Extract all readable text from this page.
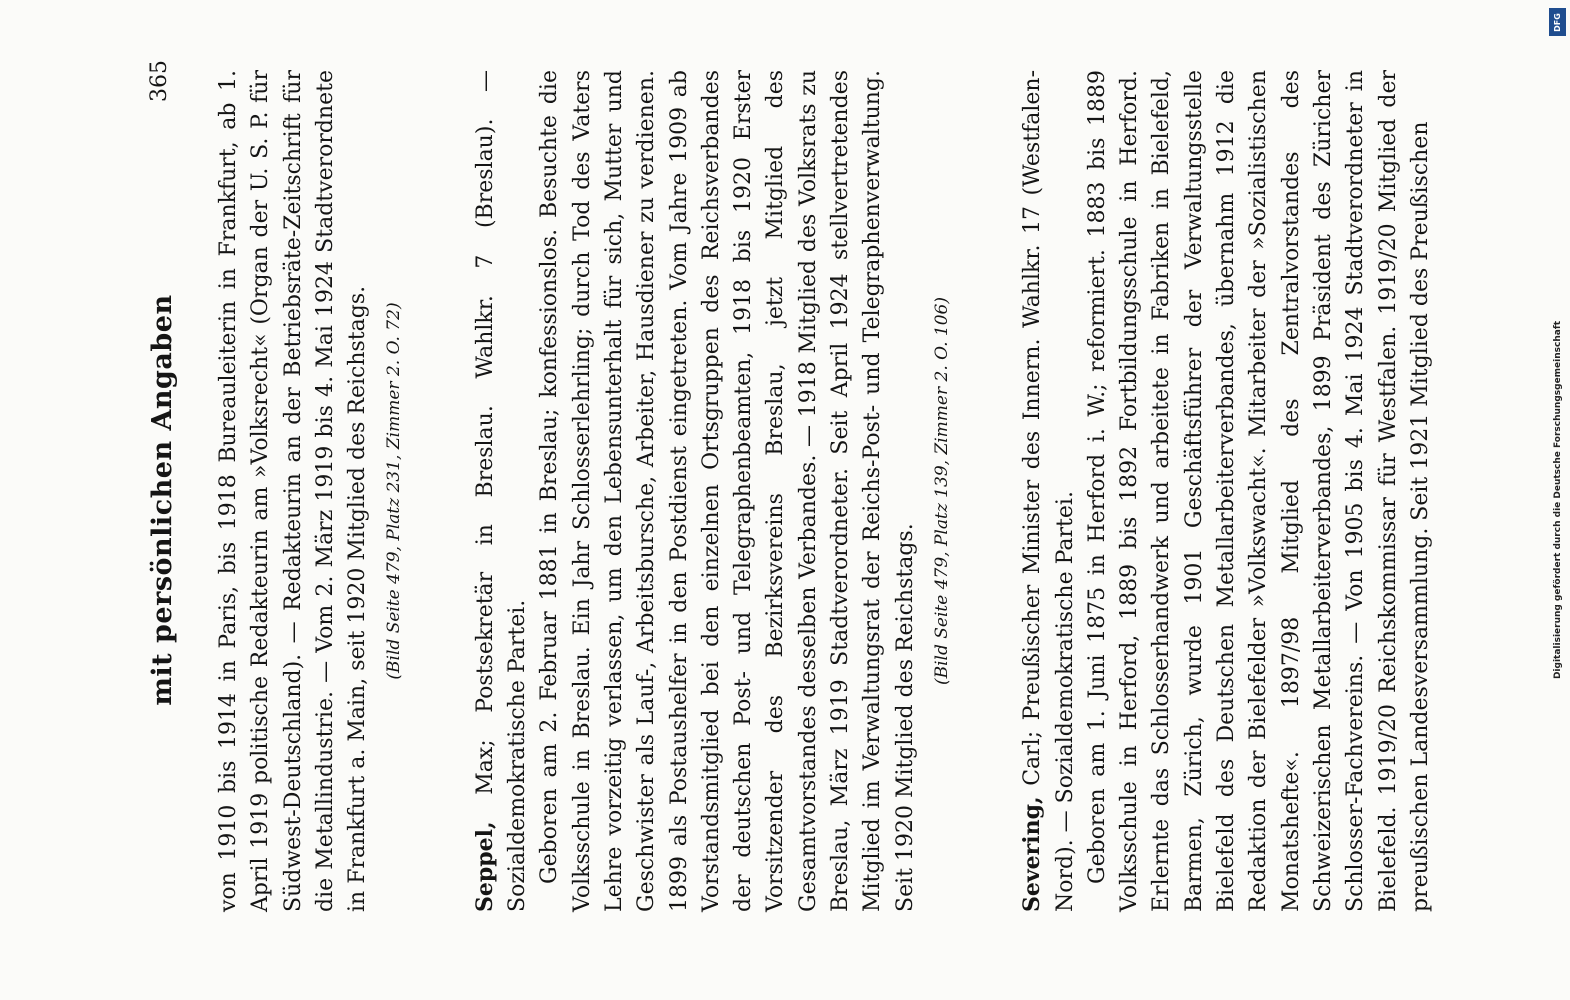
mit persönlichen Angaben
365 von 1910 bis 1914 in Paris, bis 1918 Bureauleiterin in Frankfurt, ab 1. April 1919 politische Redakteurin am »Volksrecht« (Organ der U. S. P. für Südwest-Deutschland). — Redakteurin an der Betriebsräte-Zeitschrift für die Metallindustrie. — Vom 2. März 1919 bis 4. Mai 1924 Stadtverordnete in Frankfurt a. Main, seit 1920 Mitglied des Reichstags. (Bild Seite 479, Platz 231, Zimmer 2. O. 72)

Seppel, Max; Postsekretär in Breslau. Wahlkr. 7 (Breslau). — Sozialdemokratische Partei. Geboren am 2. Februar 1881 in Breslau; konfessionslos. Besuchte die Volksschule in Breslau. Ein Jahr Schlosserlehrling; durch Tod des Vaters Lehre vorzeitig verlassen, um den Lebensunterhalt für sich, Mutter und Geschwister als Lauf-, Arbeitsbursche, Arbeiter, Hausdiener zu verdienen. 1899 als Postaushelfer in den Postdienst eingetreten. Vom Jahre 1909 ab Vorstandsmitglied bei den einzelnen Ortsgruppen des Reichsverbandes der deutschen Post- und Telegraphenbeamten, 1918 bis 1920 Erster Vorsitzender des Bezirksvereins Breslau, jetzt Mitglied des Gesamtvorstandes desselben Verbandes. — 1918 Mitglied des Volksrats zu Breslau, März 1919 Stadtverordneter. Seit April 1924 stellvertretendes Mitglied im Verwaltungsrat der Reichs-Post- und Telegraphenverwaltung. Seit 1920 Mitglied des Reichstags.

(Bild Seite 479, Platz 139, Zimmer 2. O. 106)

Severing, Carl; Preußischer Minister des Innern. Wahlkr. 17 (Westfalen-Nord). — Sozialdemokratische Partei. Geboren am 1. Juni 1875 in Herford i. W.; reformiert. 1883 bis 1889 Volksschule in Herford, 1889 bis 1892 Fortbildungsschule in Herford. Erlernte das Schlosserhandwerk und arbeitete in Fabriken in Bielefeld, Barmen, Zürich, wurde 1901 Geschäftsführer der Verwaltungsstelle Bielefeld des Deutschen Metallarbeiterverbandes, übernahm 1912 die Redaktion der Bielefelder »Volkswacht«. Mitarbeiter der »Sozialistischen Monatshefte«. 1897/98 Mitglied des Zentralvorstandes des Schweizerischen Metallarbeiterverbandes, 1899 Präsident des Züricher Schlosser-Fachvereins. — Von 1905 bis 4. Mai 1924 Stadtverordneter in Bielefeld. 1919/20 Reichskommissar für Westfalen. 1919/20 Mitglied der preußischen Landesversammlung. Seit 1921 Mitglied des Preußischen

DFG
Digitalisierung gefördert durch die Deutsche Forschungsgemeinschaft
